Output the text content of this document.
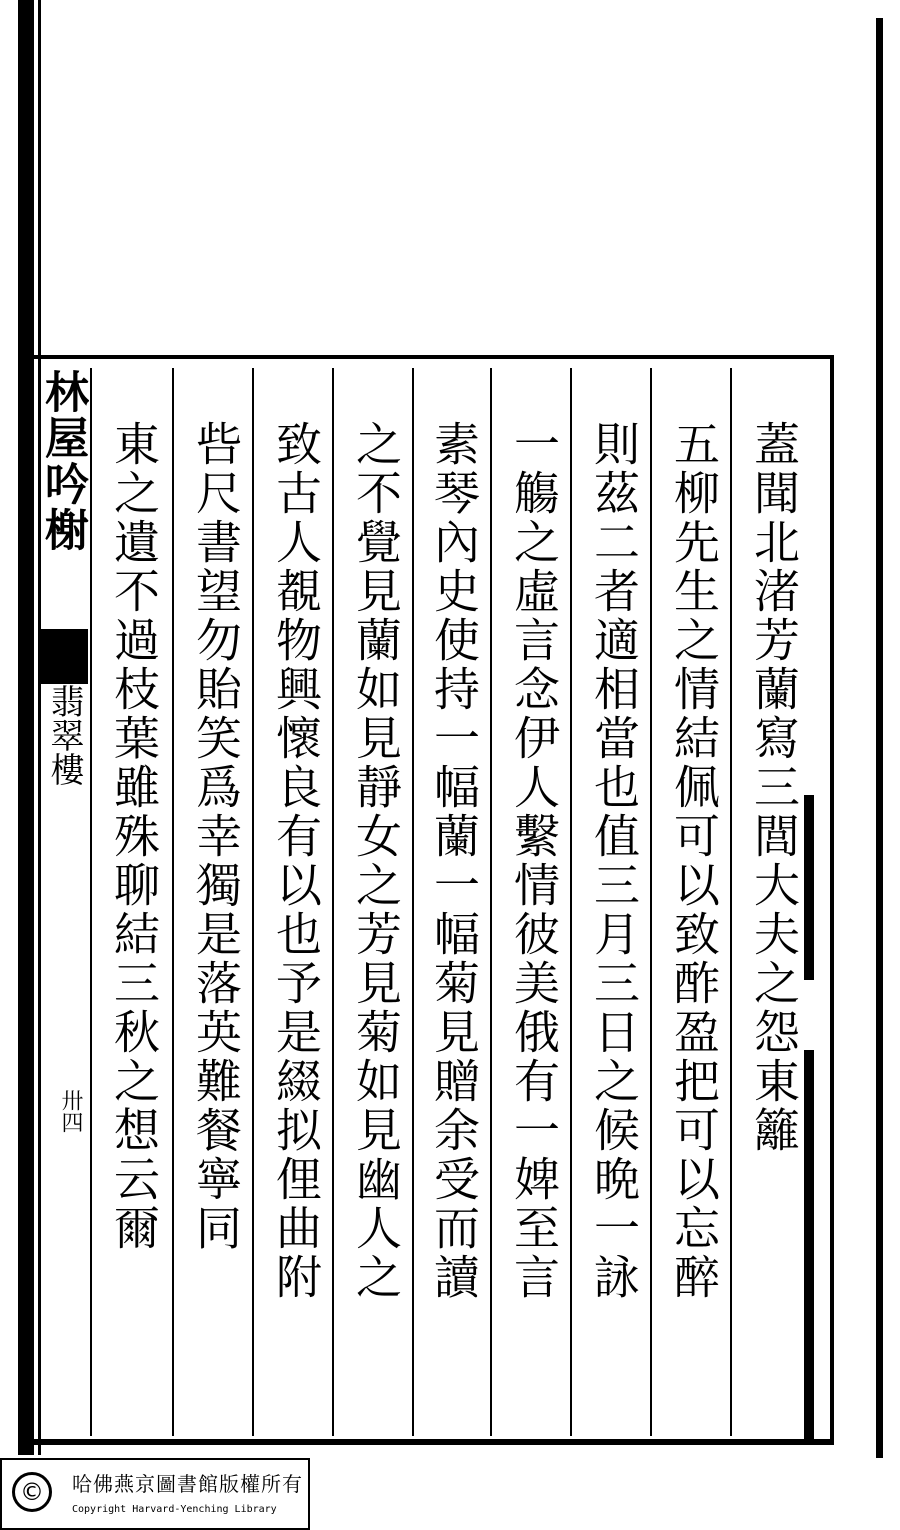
林屋吟榭
翡翠樓
卅四	蓋聞北渚芳蘭寫三閭大夫之怨東籬
五柳先生之情結佩可以致酢盈把可以忘醉
則茲二者適相當也值三月三日之候晩一詠
一觴之虛言念伊人繫情彼美俄有一婢至言
素琴內史使持一幅蘭一幅菊見贈余受而讀
之不覺見蘭如見靜女之芳見菊如見幽人之
致古人覩物興懷良有以也予是綴拟俚曲附
呰尺書望勿貽笑爲幸獨是落英難餐寧同
東之遺不過枝葉雖殊聊結三秋之想云爾
©	哈佛燕京圖書館版權所有
Copyright Harvard-Yenching Library
